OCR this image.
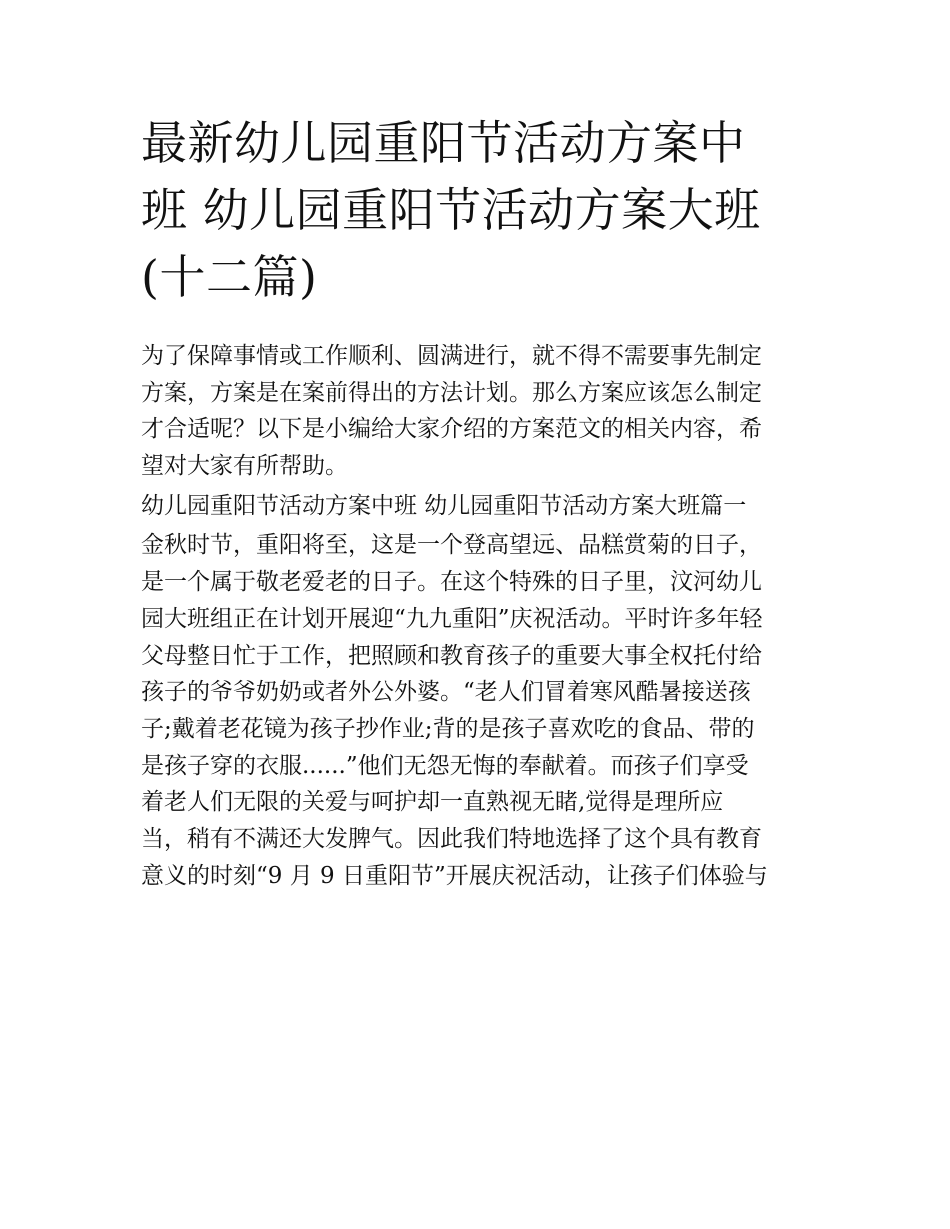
最新幼儿园重阳节活动方案中

班 幼儿园重阳节活动方案大班

(十二篇)

为了保障事情或工作顺利、圆满进行，就不得不需要事先制定

方案，方案是在案前得出的方法计划。那么方案应该怎么制定

才合适呢？以下是小编给大家介绍的方案范文的相关内容，希

望对大家有所帮助。

幼儿园重阳节活动方案中班 幼儿园重阳节活动方案大班篇一

金秋时节，重阳将至，这是一个登高望远、品糕赏菊的日子，

是一个属于敬老爱老的日子。在这个特殊的日子里，汶河幼儿

园大班组正在计划开展迎“九九重阳”庆祝活动。平时许多年轻

父母整日忙于工作，把照顾和教育孩子的重要大事全权托付给

孩子的爷爷奶奶或者外公外婆。“老人们冒着寒风酷暑接送孩

子;戴着老花镜为孩子抄作业;背的是孩子喜欢吃的食品、带的

是孩子穿的衣服......”他们无怨无悔的奉献着。而孩子们享受

着老人们无限的关爱与呵护却一直熟视无睹,觉得是理所应

当，稍有不满还大发脾气。因此我们特地选择了这个具有教育

意义的时刻“9 月 9 日重阳节”开展庆祝活动，让孩子们体验与
